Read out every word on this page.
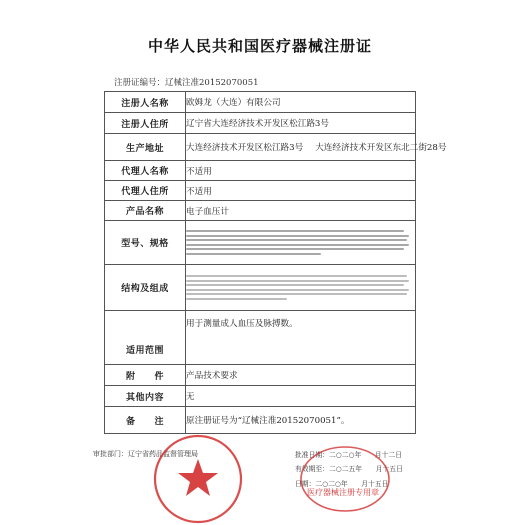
中华人民共和国医疗器械注册证
注册证编号：辽械注准20152070051
注册人名称	欧姆龙（大连）有限公司
注册人住所	辽宁省大连经济技术开发区松江路3号
生产地址	大连经济技术开发区松江路3号 大连经济技术开发区东北二街28号
代理人名称	不适用
代理人住所	不适用
产品名称	电子血压计
型号、规格	

结构及组成	

适用范围	用于测量成人血压及脉搏数。
附　　件	产品技术要求
其他内容	无
备　　注	原注册证号为“辽械注准20152070051”。
审批部门：辽宁省药品监督管理局	批准日期：二○二○年　　月十二日
有效期至：二○二五年　　月十五日
日期：二○二○年　　月十五日
医疗器械注册专用章
